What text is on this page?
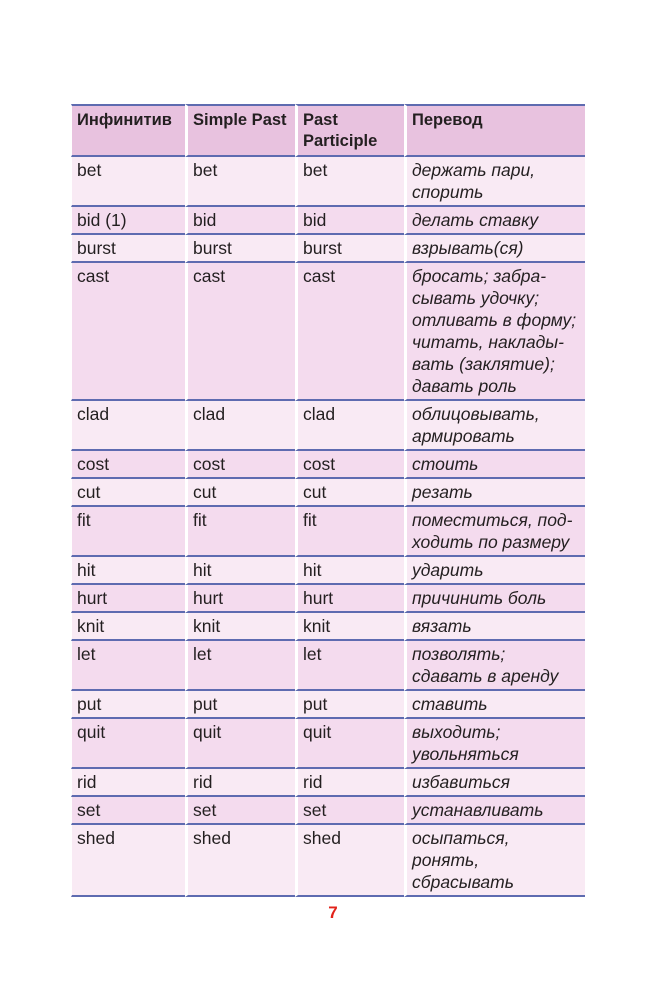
Инфинитив	Simple Past	Past Participle	Перевод
bet	bet	bet	держать пари, спорить
bid (1)	bid	bid	делать ставку
burst	burst	burst	взрывать(ся)
cast	cast	cast	бросать; забра-сывать удочку; отливать в форму; читать, наклады-вать (заклятие); давать роль
clad	clad	clad	облицовывать, армировать
cost	cost	cost	стоить
cut	cut	cut	резать
fit	fit	fit	поместиться, под-ходить по размеру
hit	hit	hit	ударить
hurt	hurt	hurt	причинить боль
knit	knit	knit	вязать
let	let	let	позволять; сдавать в аренду
put	put	put	ставить
quit	quit	quit	выходить; увольняться
rid	rid	rid	избавиться
set	set	set	устанавливать
shed	shed	shed	осыпаться, ронять, сбрасывать
7
